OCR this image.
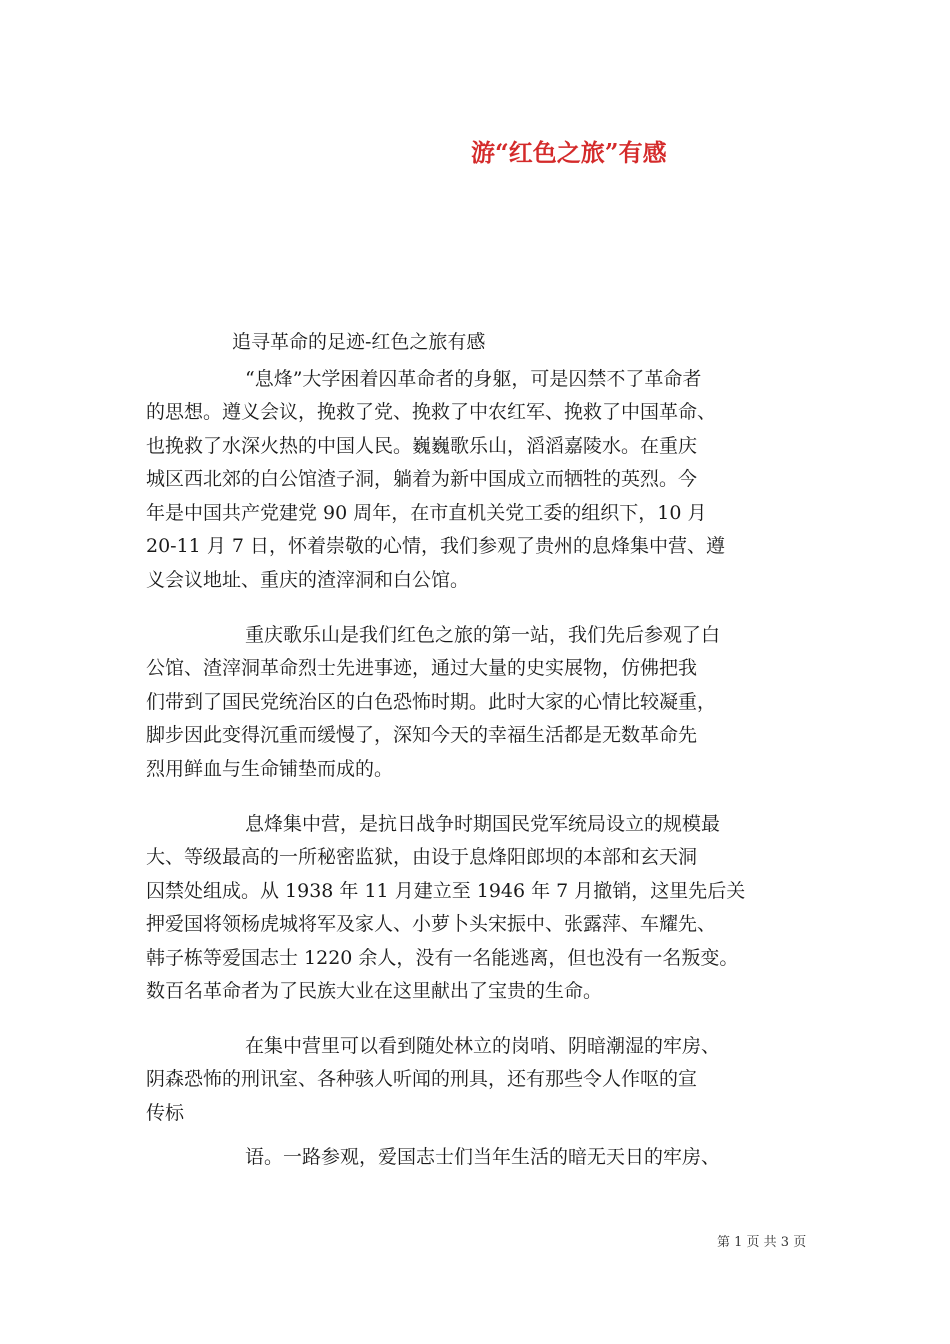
游“红色之旅”有感
追寻革命的足迹-红色之旅有感
“息烽”大学困着囚革命者的身躯，可是囚禁不了革命者
的思想。遵义会议，挽救了党、挽救了中农红军、挽救了中国革命、
也挽救了水深火热的中国人民。巍巍歌乐山，滔滔嘉陵水。在重庆
城区西北郊的白公馆渣子洞，躺着为新中国成立而牺牲的英烈。今
年是中国共产党建党 90 周年，在市直机关党工委的组织下，10 月
20-11 月 7 日，怀着崇敬的心情，我们参观了贵州的息烽集中营、遵
义会议地址、重庆的渣滓洞和白公馆。
重庆歌乐山是我们红色之旅的第一站，我们先后参观了白
公馆、渣滓洞革命烈士先进事迹，通过大量的史实展物，仿佛把我
们带到了国民党统治区的白色恐怖时期。此时大家的心情比较凝重，
脚步因此变得沉重而缓慢了，深知今天的幸福生活都是无数革命先
烈用鲜血与生命铺垫而成的。
息烽集中营，是抗日战争时期国民党军统局设立的规模最
大、等级最高的一所秘密监狱，由设于息烽阳郎坝的本部和玄天洞
囚禁处组成。从 1938 年 11 月建立至 1946 年 7 月撤销，这里先后关
押爱国将领杨虎城将军及家人、小萝卜头宋振中、张露萍、车耀先、
韩子栋等爱国志士 1220 余人，没有一名能逃离，但也没有一名叛变。
数百名革命者为了民族大业在这里献出了宝贵的生命。
在集中营里可以看到随处林立的岗哨、阴暗潮湿的牢房、
阴森恐怖的刑讯室、各种骇人听闻的刑具，还有那些令人作呕的宣
传标
语。一路参观，爱国志士们当年生活的暗无天日的牢房、
第 1 页 共 3 页
